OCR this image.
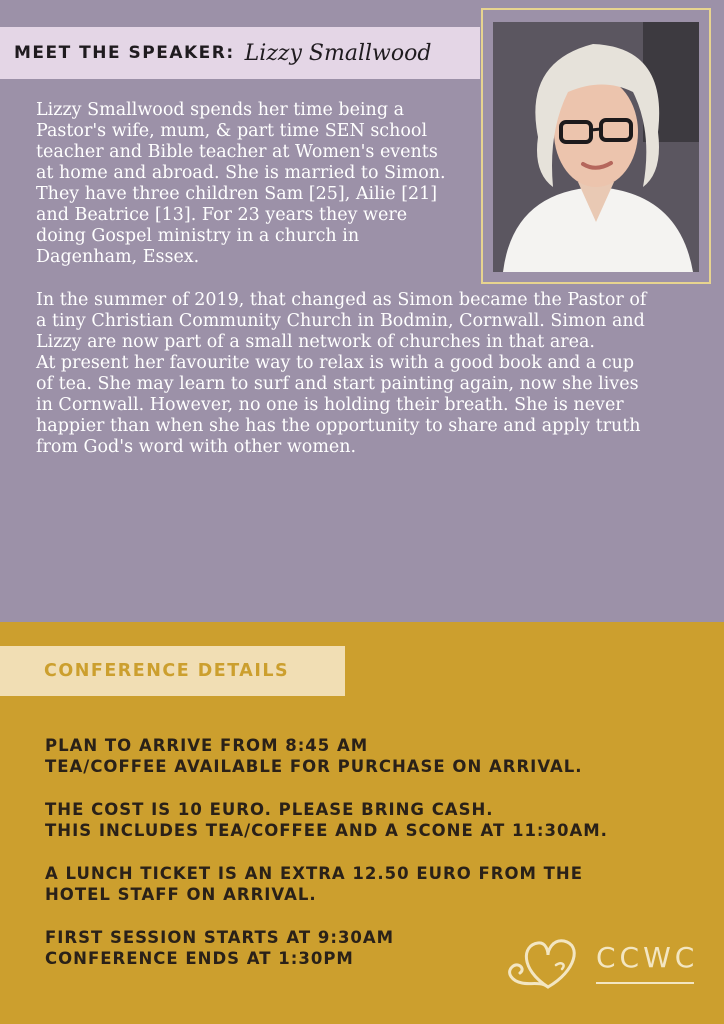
MEET THE SPEAKER: Lizzy Smallwood

Lizzy Smallwood spends her time being a Pastor's wife, mum, & part time SEN school teacher and Bible teacher at Women's events at home and abroad. She is married to Simon. They have three children Sam [25], Ailie [21] and Beatrice [13]. For 23 years they were doing Gospel ministry in a church in Dagenham, Essex.

In the summer of 2019, that changed as Simon became the Pastor of a tiny Christian Community Church in Bodmin, Cornwall. Simon and Lizzy are now part of a small network of churches in that area.

At present her favourite way to relax is with a good book and a cup of tea. She may learn to surf and start painting again, now she lives in Cornwall. However, no one is holding their breath. She is never happier than when she has the opportunity to share and apply truth from God's word with other women.

CONFERENCE DETAILS
PLAN TO ARRIVE FROM 8:45 AM
TEA/COFFEE AVAILABLE FOR PURCHASE ON ARRIVAL.
THE COST IS 10 EURO. PLEASE BRING CASH.
THIS INCLUDES TEA/COFFEE AND A SCONE AT 11:30AM.
A LUNCH TICKET IS AN EXTRA 12.50 EURO FROM THE
HOTEL STAFF ON ARRIVAL.
FIRST SESSION STARTS AT 9:30AM
CONFERENCE ENDS AT 1:30PM	CCWC
